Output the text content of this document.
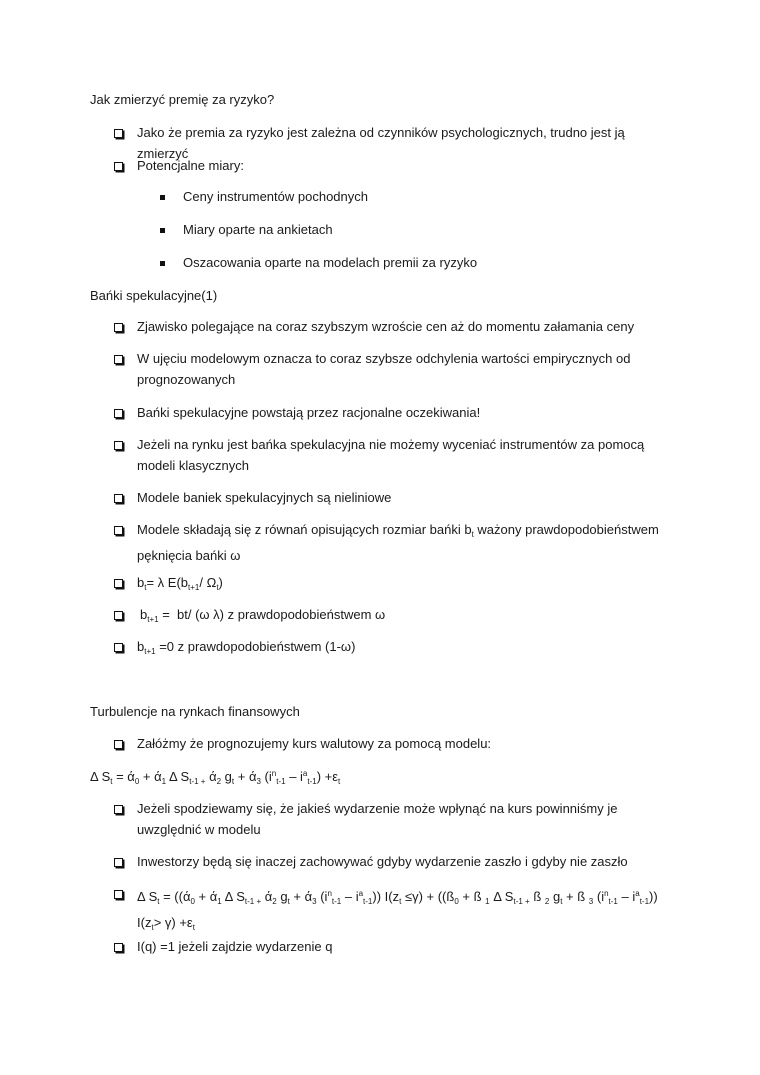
Jak zmierzyć premię za ryzyko?
Jako że premia za ryzyko jest zależna od czynników psychologicznych, trudno jest ją zmierzyć
Potencjalne miary:
Ceny instrumentów pochodnych
Miary oparte na ankietach
Oszacowania oparte na modelach premii za ryzyko
Bańki spekulacyjne(1)
Zjawisko polegające na coraz szybszym wzroście cen aż do momentu załamania ceny
W ujęciu modelowym oznacza to coraz szybsze odchylenia wartości empirycznych od prognozowanych
Bańki spekulacyjne powstają przez racjonalne oczekiwania!
Jeżeli na rynku jest bańka spekulacyjna nie możemy wyceniać instrumentów za pomocą modeli klasycznych
Modele baniek spekulacyjnych są nieliniowe
Modele składają się z równań opisujących rozmiar bańki $b_t$ ważony prawdopodobieństwem pęknięcia bańki ω
$b_t= \lambda$ $E(b_{t+1}/$ $\Omega_t$)
$b_{t+1} = bt/$ (ω λ) z prawdopodobieństwem ω
$b_{t+1} =0$ z prawdopodobieństwem (1-ω)
Turbulencje na rynkach finansowych
Załóżmy że prognozujemy kurs walutowy za pomocą modelu:
Δ $S_t = ά_0 + ά_1$ Δ $S_{t-1 +}$ $ά_2$ $g_t + ά_3$ $(i^n_{t-1} - i^a_{t-1}) +\varepsilon_t$
Jeżeli spodziewamy się, że jakieś wydarzenie może wpłynąć na kurs powinniśmy je uwzględnić w modelu
Inwestorzy będą się inaczej zachowywać gdyby wydarzenie zaszło i gdyby nie zaszło
Δ $S_t = ((ά_0 + ά_1$ Δ $S_{t-1 +}$ $ά_2$ $g_t + ά_3$ $(i^n_{t-1} - i^a_{t-1})$) $I(z_t \le\gamma)$ + (($ß_0$ + ß $_1$ Δ $S_{t-1 +}$ ß $_2$ $g_t$ + ß $_3$ $(i^n_{t-1} - i^a_{t-1})$) $I(z_t> \gamma) +\varepsilon_t$
I(q) =1 jeżeli zajdzie wydarzenie q
